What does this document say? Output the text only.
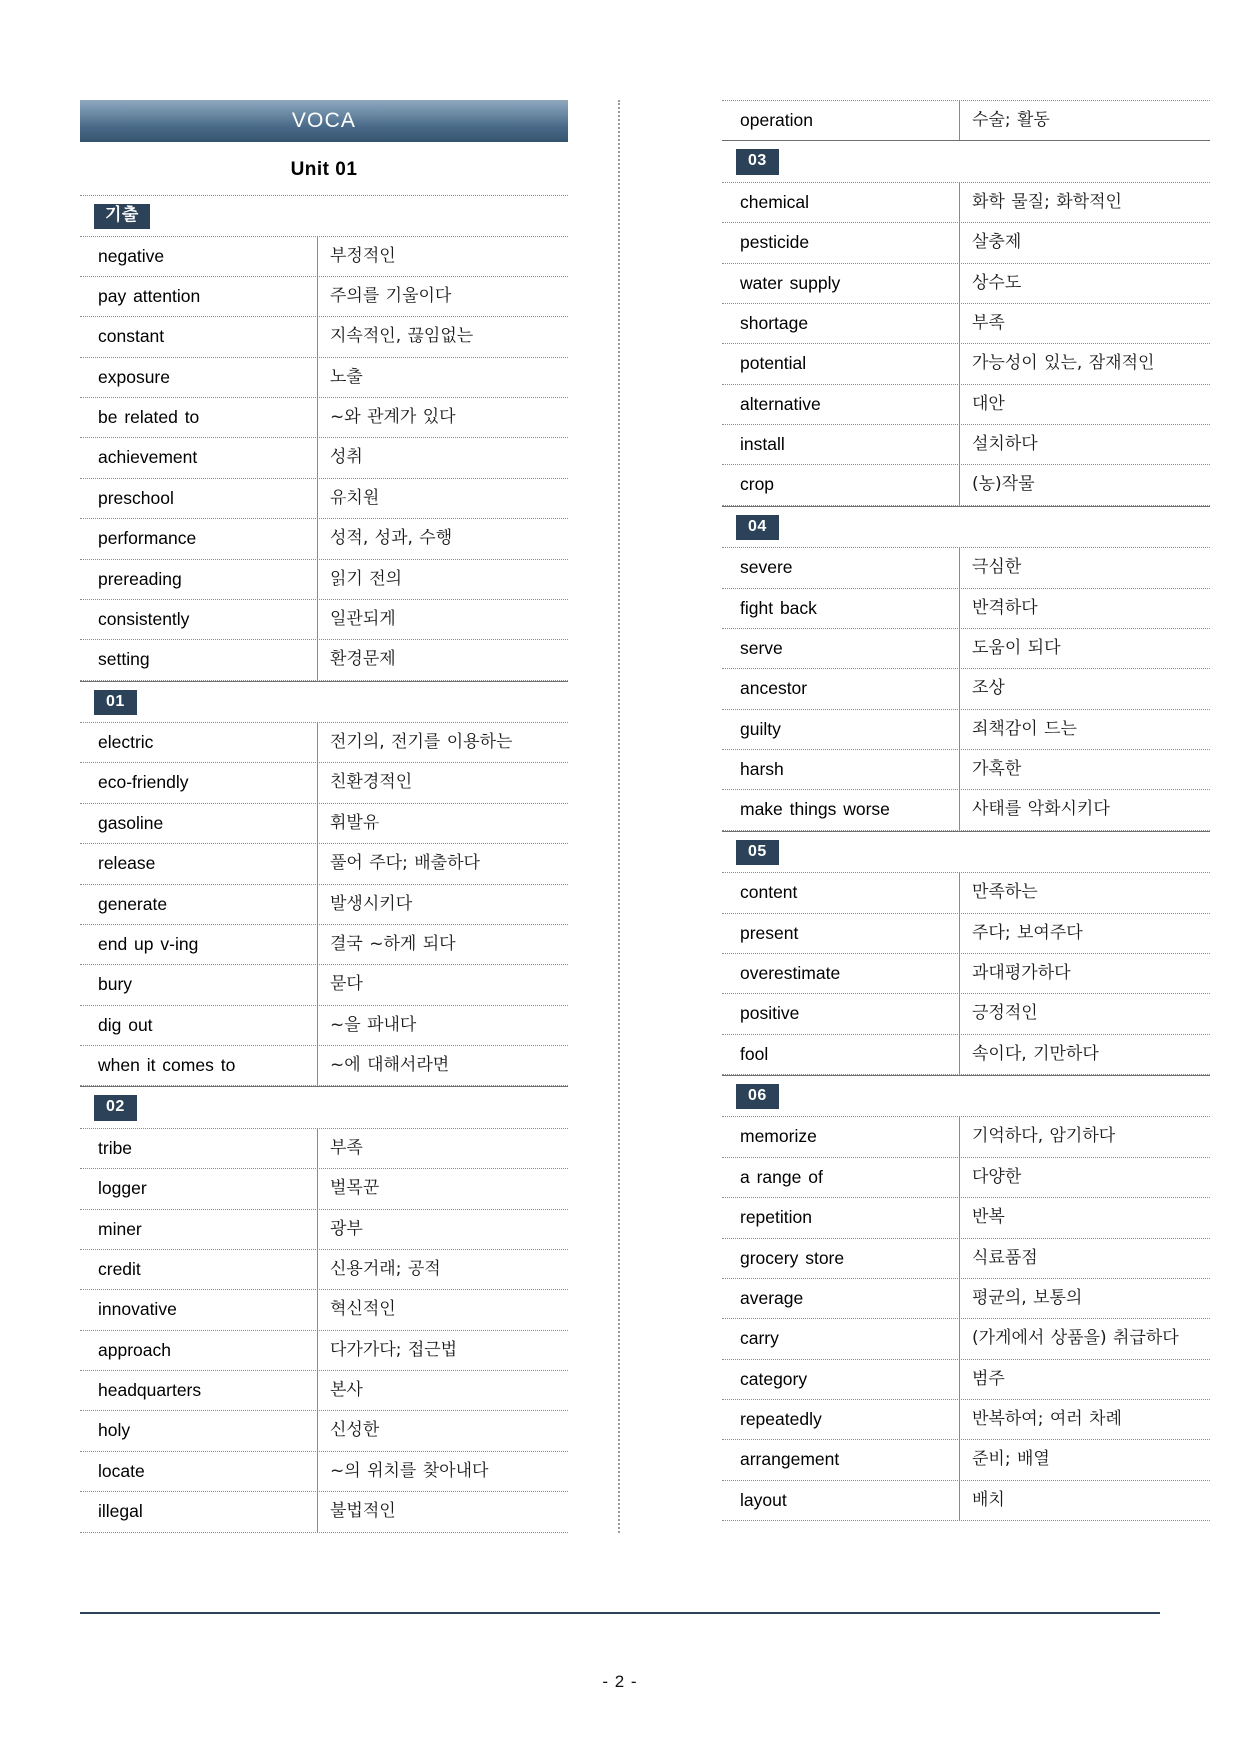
VOCA
Unit 01
기출
negative	부정적인
pay attention	주의를 기울이다
constant	지속적인, 끊임없는
exposure	노출
be related to	~와 관계가 있다
achievement	성취
preschool	유치원
performance	성적, 성과, 수행
prereading	읽기 전의
consistently	일관되게
setting	환경문제
01
electric	전기의, 전기를 이용하는
eco-friendly	친환경적인
gasoline	휘발유
release	풀어 주다; 배출하다
generate	발생시키다
end up v-ing	결국 ~하게 되다
bury	묻다
dig out	~을 파내다
when it comes to	~에 대해서라면
02
tribe	부족
logger	벌목꾼
miner	광부
credit	신용거래; 공적
innovative	혁신적인
approach	다가가다; 접근법
headquarters	본사
holy	신성한
locate	~의 위치를 찾아내다
illegal	불법적인
operation	수술; 활동
03
chemical	화학 물질; 화학적인
pesticide	살충제
water supply	상수도
shortage	부족
potential	가능성이 있는, 잠재적인
alternative	대안
install	설치하다
crop	(농)작물
04
severe	극심한
fight back	반격하다
serve	도움이 되다
ancestor	조상
guilty	죄책감이 드는
harsh	가혹한
make things worse	사태를 악화시키다
05
content	만족하는
present	주다; 보여주다
overestimate	과대평가하다
positive	긍정적인
fool	속이다, 기만하다
06
memorize	기억하다, 암기하다
a range of	다양한
repetition	반복
grocery store	식료품점
average	평균의, 보통의
carry	(가게에서 상품을) 취급하다
category	범주
repeatedly	반복하여; 여러 차례
arrangement	준비; 배열
layout	배치
- 2 -
